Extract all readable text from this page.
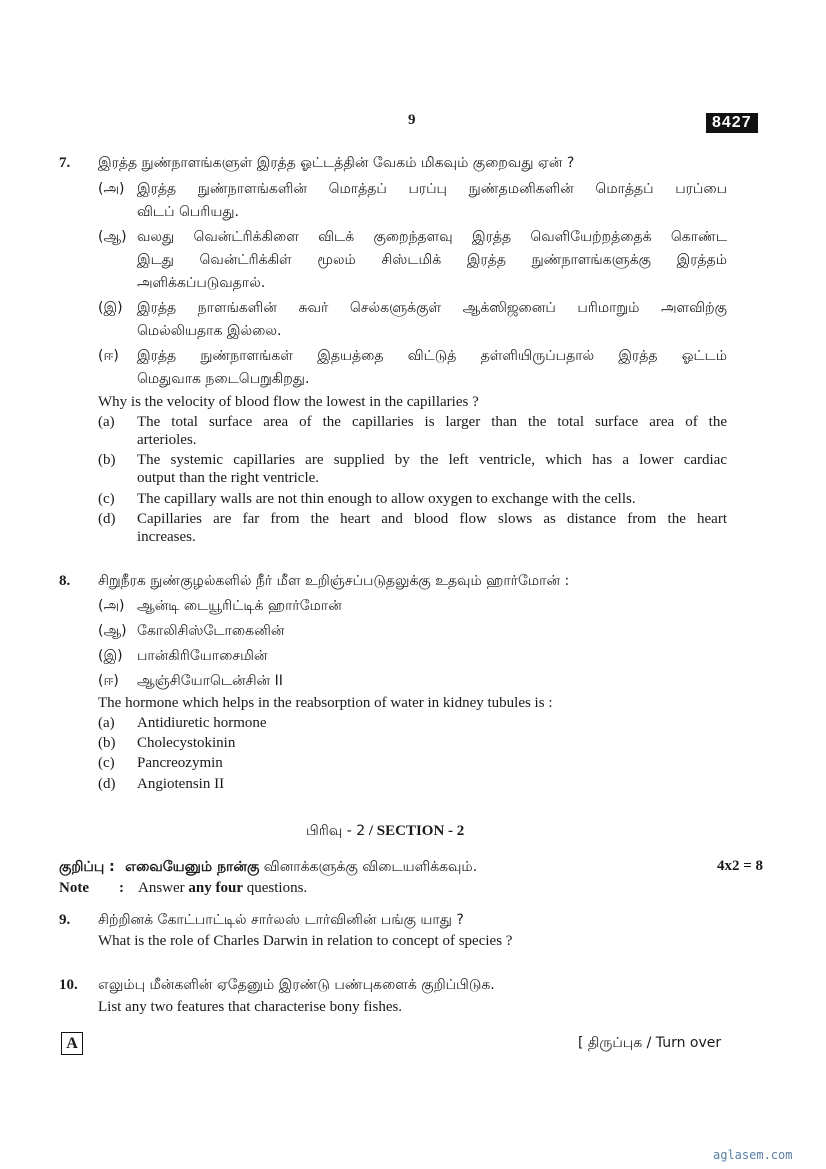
9	8427
7. இரத்த நுண்நாளங்களுள் இரத்த ஓட்டத்தின் வேகம் மிகவும் குறைவது ஏன் ?
(அ) இரத்த நுண்நாளங்களின் மொத்தப் பரப்பு நுண்தமனிகளின் மொத்தப் பரப்பை
விடப் பெரியது.
(ஆ) வலது வென்ட்ரிக்கிளை விடக் குறைந்தளவு இரத்த வெளியேற்றத்தைக் கொண்ட
இடது வென்ட்ரிக்கிள் மூலம் சிஸ்டமிக் இரத்த நுண்நாளங்களுக்கு இரத்தம்
அளிக்கப்படுவதால்.
(இ) இரத்த நாளங்களின் சுவர் செல்களுக்குள் ஆக்ஸிஜனைப் பரிமாறும் அளவிற்கு
மெல்லியதாக இல்லை.
(ஈ) இரத்த நுண்நாளங்கள் இதயத்தை விட்டுத் தள்ளியிருப்பதால் இரத்த ஓட்டம்
மெதுவாக நடைபெறுகிறது.
Why is the velocity of blood flow the lowest in the capillaries ?
(a) The total surface area of the capillaries is larger than the total surface area of the
arterioles.
(b) The systemic capillaries are supplied by the left ventricle, which has a lower cardiac
output than the right ventricle.
(c) The capillary walls are not thin enough to allow oxygen to exchange with the cells.
(d) Capillaries are far from the heart and blood flow slows as distance from the heart
increases.
8. சிறுநீரக நுண்குழல்களில் நீர் மீள உறிஞ்சப்படுதலுக்கு உதவும் ஹார்மோன் :
(அ) ஆன்டி டையூரிட்டிக் ஹார்மோன்
(ஆ) கோலிசிஸ்டோகைனின்
(இ) பான்கிரியோசைமின்
(ஈ) ஆஞ்சியோடென்சின் II
The hormone which helps in the reabsorption of water in kidney tubules is :
(a) Antidiuretic hormone
(b) Cholecystokinin
(c) Pancreozymin
(d) Angiotensin II
பிரிவு - 2 / SECTION - 2
குறிப்பு : எவையேனும் நான்கு வினாக்களுக்கு விடையளிக்கவும்.	4x2 = 8
Note : Answer any four questions.
9. சிற்றினக் கோட்பாட்டில் சார்லஸ் டார்வினின் பங்கு யாது ?
What is the role of Charles Darwin in relation to concept of species ?
10. எலும்பு மீன்களின் ஏதேனும் இரண்டு பண்புகளைக் குறிப்பிடுக.
List any two features that characterise bony fishes.
A	[ திருப்புக / Turn over
aglasem.com
